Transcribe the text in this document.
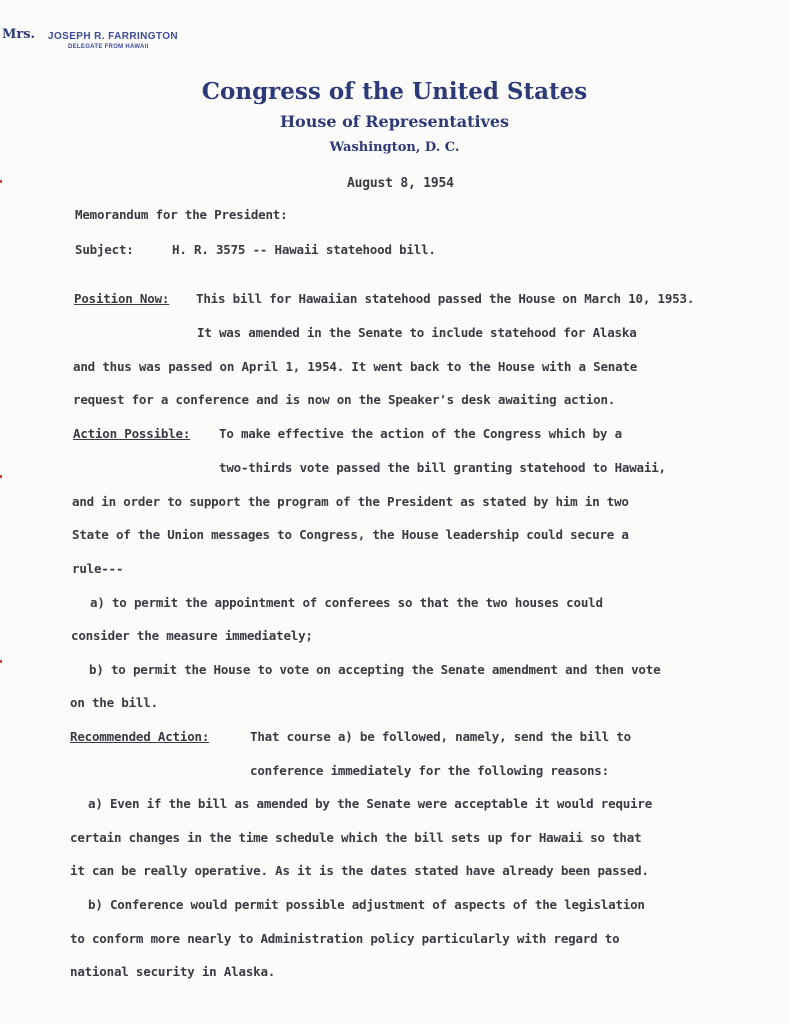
Mrs. JOSEPH R. FARRINGTON
DELEGATE FROM HAWAII
Congress of the United States
House of Representatives
Washington, D. C.
August 8, 1954
Memorandum for the President:
Subject:	H. R. 3575 -- Hawaii statehood bill.
Position Now: This bill for Hawaiian statehood passed the House on March 10, 1953.
It was amended in the Senate to include statehood for Alaska
and thus was passed on April 1, 1954. It went back to the House with a Senate
request for a conference and is now on the Speaker's desk awaiting action.
Action Possible: To make effective the action of the Congress which by a
two-thirds vote passed the bill granting statehood to Hawaii,
and in order to support the program of the President as stated by him in two
State of the Union messages to Congress, the House leadership could secure a
rule---
a) to permit the appointment of conferees so that the two houses could
consider the measure immediately;
b) to permit the House to vote on accepting the Senate amendment and then vote
on the bill.
Recommended Action:	That course a) be followed, namely, send the bill to
conference immediately for the following reasons:
a) Even if the bill as amended by the Senate were acceptable it would require
certain changes in the time schedule which the bill sets up for Hawaii so that
it can be really operative. As it is the dates stated have already been passed.
b) Conference would permit possible adjustment of aspects of the legislation
to conform more nearly to Administration policy particularly with regard to
national security in Alaska.
